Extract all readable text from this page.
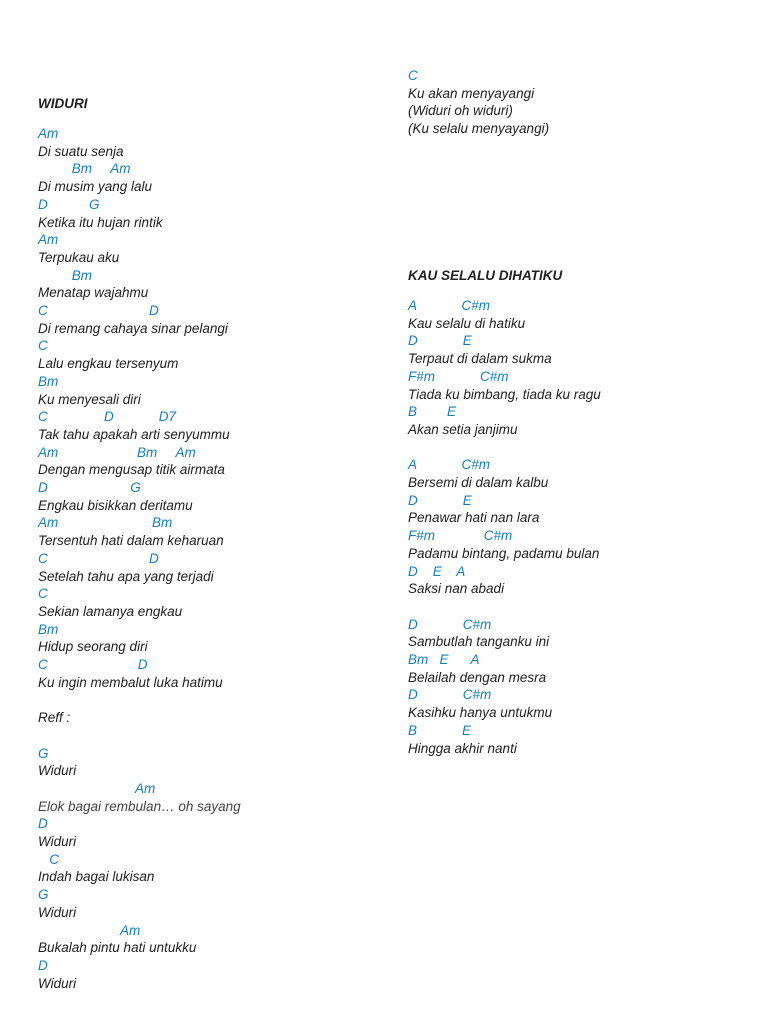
WIDURI
Am
Di suatu senja
Bm     Am
Di musim yang lalu
D           G
Ketika itu hujan rintik
Am
Terpukau aku
Bm
Menatap wajahmu
C                           D
Di remang cahaya sinar pelangi
C
Lalu engkau tersenyum
Bm
Ku menyesali diri
C               D            D7
Tak tahu apakah arti senyummu
Am                     Bm     Am
Dengan mengusap titik airmata
D                      G
Engkau bisikkan deritamu
Am                         Bm
Tersentuh hati dalam keharuan
C                           D
Setelah tahu apa yang terjadi
C
Sekian lamanya engkau
Bm
Hidup seorang diri
C                        D
Ku ingin membalut luka hatimu
Reff :
G
Widuri
Am
Elok bagai rembulan… oh sayang
D
Widuri
C
Indah bagai lukisan
G
Widuri
Am
Bukalah pintu hati untukku
D
Widuri
C
Ku akan menyayangi
(Widuri oh widuri)
(Ku selalu menyayangi)
KAU SELALU DIHATIKU
A            C#m
Kau selalu di hatiku
D            E
Terpaut di dalam sukma
F#m            C#m
Tiada ku bimbang, tiada ku ragu
B        E
Akan setia janjimu
A            C#m
Bersemi di dalam kalbu
D            E
Penawar hati nan lara
F#m             C#m
Padamu bintang, padamu bulan
D    E    A
Saksi nan abadi
D            C#m
Sambutlah tanganku ini
Bm   E      A
Belailah dengan mesra
D            C#m
Kasihku hanya untukmu
B            E
Hingga akhir nanti
